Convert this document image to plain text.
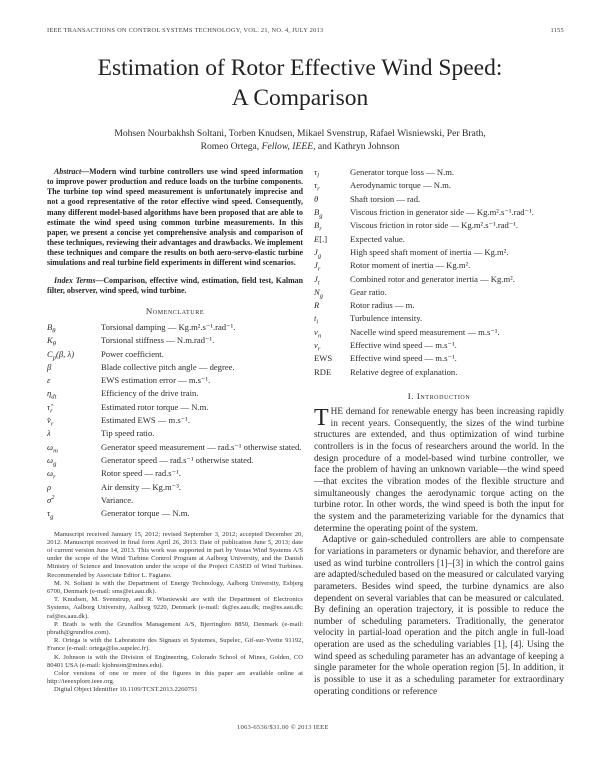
IEEE TRANSACTIONS ON CONTROL SYSTEMS TECHNOLOGY, VOL. 21, NO. 4, JULY 2013	1155
Estimation of Rotor Effective Wind Speed:
A Comparison
Mohsen Nourbakhsh Soltani, Torben Knudsen, Mikael Svenstrup, Rafael Wisniewski, Per Brath,
Romeo Ortega, Fellow, IEEE, and Kathryn Johnson

Abstract—Modern wind turbine controllers use wind speed information to improve power production and reduce loads on the turbine components. The turbine top wind speed measurement is unfortunately imprecise and not a good representative of the rotor effective wind speed. Consequently, many different model-based algorithms have been proposed that are able to estimate the wind speed using common turbine measurements. In this paper, we present a concise yet comprehensive analysis and comparison of these techniques, reviewing their advantages and drawbacks. We implement these techniques and compare the results on both aero-servo-elastic turbine simulations and real turbine field experiments in different wind scenarios.

Index Terms—Comparison, effective wind, estimation, field test, Kalman filter, observer, wind speed, wind turbine.

Nomenclature
$B_\theta$	Torsional damping — Kg.m².s⁻¹.rad⁻¹.
$K_\theta$	Torsional stiffness — N.m.rad⁻¹.
$C_p(\beta$, λ)	Power coefficient.
β	Blade collective pitch angle — degree.
ε	EWS estimation error — m.s⁻¹.
$\eta_{dt}$	Efficiency of the drive train.
$\taû_r$	Estimated rotor torque — N.m.
$v̂_r$	Estimated EWS — m.s⁻¹.
λ	Tip speed ratio.
$\omega_m$	Generator speed measurement — rad.s⁻¹ otherwise stated.
$\omega_g$	Generator speed — rad.s⁻¹ otherwise stated.
$\omega_r$	Rotor speed — rad.s⁻¹.
ρ	Air density — Kg.m⁻³.
$\sigma^2$	Variance.
$\tau_g$	Generator torque — N.m.

Manuscript received January 15, 2012; revised September 3, 2012; accepted December 20, 2012. Manuscript received in final form April 26, 2013. Date of publication June 5, 2013; date of current version June 14, 2013. This work was supported in part by Vestas Wind Systems A/S under the scope of the Wind Turbine Control Program at Aalborg University, and the Danish Ministry of Science and Innovation under the scope of the Project CASED of Wind Turbines. Recommended by Associate Editor L. Fagiano.

M. N. Soltani is with the Department of Energy Technology, Aalborg University, Esbjerg 6700, Denmark (e-mail: sms@et.aau.dk).

T. Knudsen, M. Svenstrup, and R. Wisniewski are with the Department of Electronics Systems, Aalborg University, Aalborg 9220, Denmark (e-mail: tk@es.aau.dk; ms@es.aau.dk; raf@es.aau.dk).

P. Brath is with the Grundfos Management A/S, Bjerringbro 8850, Denmark (e-mail: pbrath@grundfos.com).

R. Ortega is with the Laboratoire des Signaux et Systemes, Supelec, Gif-sur-Yvette 91192, France (e-mail: ortega@lss.supelec.fr).

K. Johnson is with the Division of Engineering, Colorado School of Mines, Golden, CO 80401 USA (e-mail: kjohnson@mines.edu).

Color versions of one or more of the figures in this paper are available online at http://ieeexplore.ieee.org.

Digital Object Identifier 10.1109/TCST.2013.2260751

$\tau_l$	Generator torque loss — N.m.
$\tau_r$	Aerodynamic torque — N.m.
θ	Shaft torsion — rad.
$B_g$	Viscous friction in generator side — Kg.m².s⁻¹.rad⁻¹.
$B_r$	Viscous friction in rotor side — Kg.m².s⁻¹.rad⁻¹.
E[.]	Expected value.
$J_g$	High speed shaft moment of inertia — Kg.m².
$J_r$	Rotor moment of inertia — Kg.m².
$J_t$	Combined rotor and generator inertia — Kg.m².
$N_g$	Gear ratio.
R	Rotor radius — m.
$t_i$	Turbulence intensity.
$v_n$	Nacelle wind speed measurement — m.s⁻¹.
$v_r$	Effective wind speed — m.s⁻¹.
EWS	Effective wind speed — m.s⁻¹.
RDE	Relative degree of explanation.
I. Introduction

THE demand for renewable energy has been increasing rapidly in recent years. Consequently, the sizes of the wind turbine structures are extended, and thus optimization of wind turbine controllers is in the focus of researchers around the world. In the design procedure of a model-based wind turbine controller, we face the problem of having an unknown variable—the wind speed—that excites the vibration modes of the flexible structure and simultaneously changes the aerodynamic torque acting on the turbine rotor. In other words, the wind speed is both the input for the system and the parameterizing variable for the dynamics that determine the operating point of the system.

Adaptive or gain-scheduled controllers are able to compensate for variations in parameters or dynamic behavior, and therefore are used as wind turbine controllers [1]–[3] in which the control gains are adapted/scheduled based on the measured or calculated varying parameters. Besides wind speed, the turbine dynamics are also dependent on several variables that can be measured or calculated. By defining an operation trajectory, it is possible to reduce the number of scheduling parameters. Traditionally, the generator velocity in partial-load operation and the pitch angle in full-load operation are used as the scheduling variables [1], [4]. Using the wind speed as scheduling parameter has an advantage of keeping a single parameter for the whole operation region [5]. In addition, it is possible to use it as a scheduling parameter for extraordinary operating conditions or reference

1063-6536/$31.00 © 2013 IEEE
